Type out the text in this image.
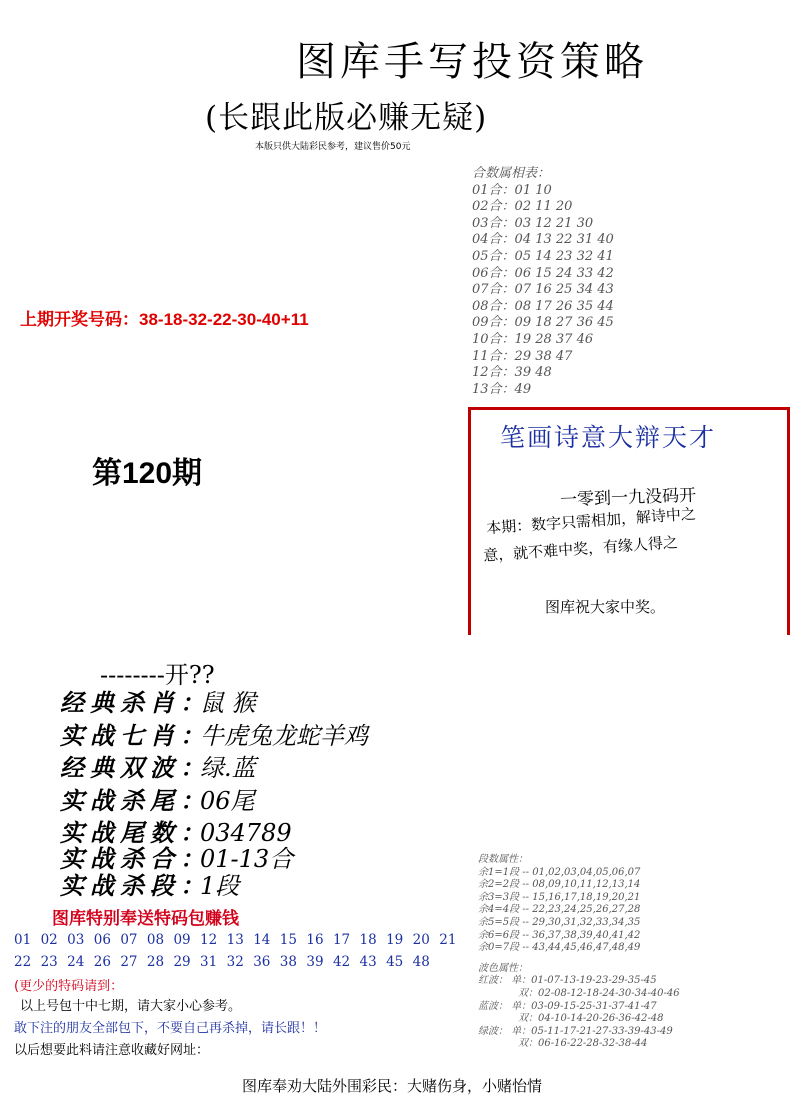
图库手写投资策略
(长跟此版必赚无疑)
本版只供大陆彩民参考，建议售价50元
合数属相表：
01合：01 10
02合：02 11 20
03合：03 12 21 30
04合：04 13 22 31 40
05合：05 14 23 32 41
06合：06 15 24 33 42
07合：07 16 25 34 43
08合：08 17 26 35 44
09合：09 18 27 36 45
10合：19 28 37 46
11合：29 38 47
12合：39 48
13合：49
上期开奖号码：38-18-32-22-30-40+11
第120期
笔画诗意大辩天才
一零到一九没码开
本期：数字只需相加，解诗中之
意，就不难中奖，有缘人得之
图库祝大家中奖。
--------开??
经典杀肖：鼠 猴
实战七肖：牛虎兔龙蛇羊鸡
经典双波：绿.蓝
实战杀尾：06尾
实战尾数：034789
实战杀合：01-13合
实战杀段：1段
图库特别奉送特码包赚钱
01 02 03 06 07 08 09 12 13 14 15 16 17 18 19 20 21
22 23 24 26 27 28 29 31 32 36 38 39 42 43 45 48
(更少的特码请到：
以上号包十中七期，请大家小心参考。
敢下注的朋友全部包下，不要自己再杀掉，请长跟！！
以后想要此料请注意收藏好网址：
段数属性：
余1=1段 -- 01,02,03,04,05,06,07
余2=2段 -- 08,09,10,11,12,13,14
余3=3段 -- 15,16,17,18,19,20,21
余4=4段 -- 22,23,24,25,26,27,28
余5=5段 -- 29,30,31,32,33,34,35
余6=6段 -- 36,37,38,39,40,41,42
余0=7段 -- 43,44,45,46,47,48,49
波色属性：
红波： 单：01-07-13-19-23-29-35-45
双：02-08-12-18-24-30-34-40-46
蓝波： 单：03-09-15-25-31-37-41-47
双：04-10-14-20-26-36-42-48
绿波： 单：05-11-17-21-27-33-39-43-49
双：06-16-22-28-32-38-44
图库奉劝大陆外围彩民：大赌伤身，小赌怡情
